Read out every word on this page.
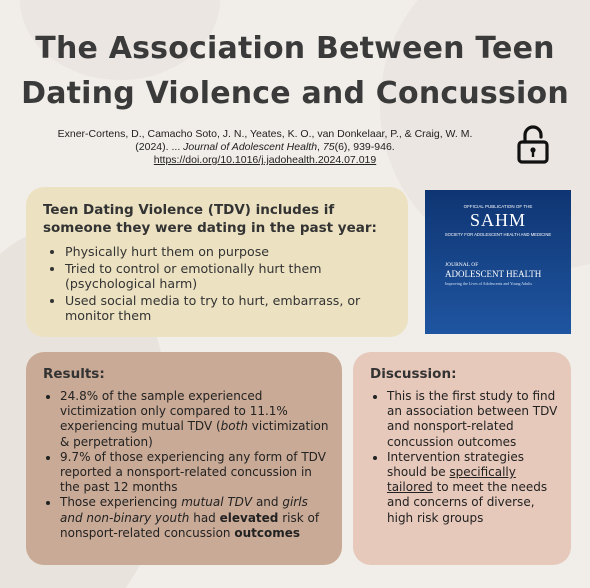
The Association Between Teen Dating Violence and Concussion
Exner-Cortens, D., Camacho Soto, J. N., Yeates, K. O., van Donkelaar, P., & Craig, W. M. (2024). ... Journal of Adolescent Health, 75(6), 939-946.
https://doi.org/10.1016/j.jadohealth.2024.07.019
Teen Dating Violence (TDV) includes if someone they were dating in the past year:
• Physically hurt them on purpose
• Tried to control or emotionally hurt them (psychological harm)
• Used social media to try to hurt, embarrass, or monitor them
OFFICIAL PUBLICATION OF THE
SAHM
SOCIETY FOR ADOLESCENT HEALTH AND MEDICINE
JOURNAL OF
ADOLESCENT HEALTH
Improving the Lives of Adolescents and Young Adults
Results:
• 24.8% of the sample experienced victimization only compared to 11.1% experiencing mutual TDV (both victimization & perpetration)
• 9.7% of those experiencing any form of TDV reported a nonsport-related concussion in the past 12 months
• Those experiencing mutual TDV and girls and non-binary youth had elevated risk of nonsport-related concussion outcomes
Discussion:
• This is the first study to find an association between TDV and nonsport-related concussion outcomes
• Intervention strategies should be specifically tailored to meet the needs and concerns of diverse, high risk groups
